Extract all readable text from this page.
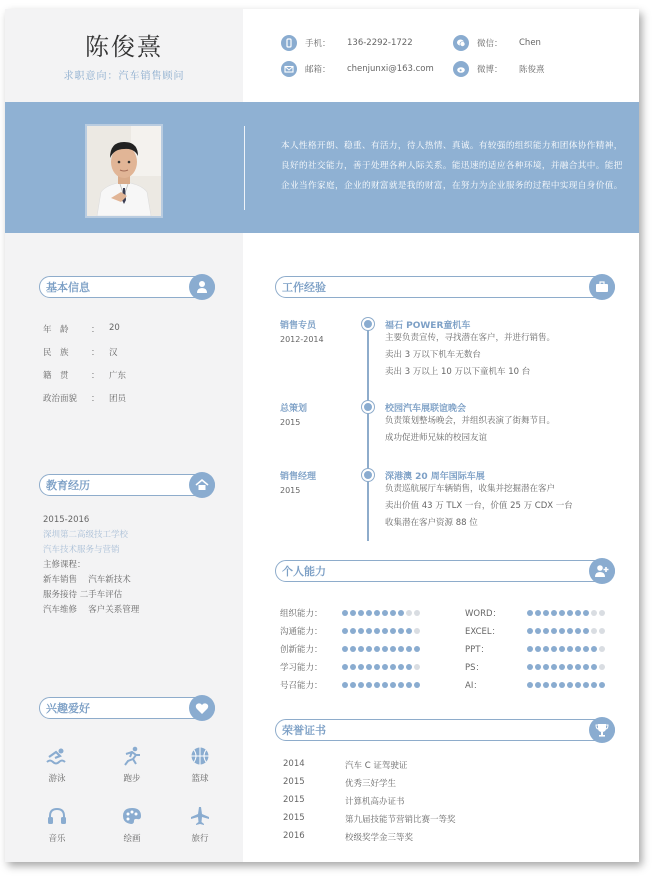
陈俊熹
求职意向：汽车销售顾问
手机：	136-2292-1722	微信：	Chen
邮箱：	chenjunxi@163.com	微博：	陈俊熹
本人性格开朗、稳重、有活力，待人热情、真诚。有较强的组织能力和团体协作精神，良好的社交能力，善于处理各种人际关系。能迅速的适应各种环境，并融合其中。能把企业当作家庭，企业的财富就是我的财富，在努力为企业服务的过程中实现自身价值。
基本信息
年　龄	：	20
民　族	：	汉
籍　贯	：	广东
政治面貌	：	团员
教育经历
2015-2016
深圳第二高级技工学校
汽车技术服务与营销
主修课程：
新车销售　 汽车新技术
服务接待 二手车评估
汽车维修　 客户关系管理
兴趣爱好
游泳	跑步	篮球
音乐	绘画	旅行
工作经验
销售专员
2012-2014
福石 POWER童机车
主要负责宣传，寻找潜在客户，并进行销售。
卖出 3 万以下机车无数台
卖出 3 万以上 10 万以下童机车 10 台
总策划
2015
校园汽车展联谊晚会
负责策划整场晚会，并组织表演了街舞节目。
成功促进师兄妹的校园友谊
销售经理
2015
深港澳 20 周年国际车展
负责巡航展厅车辆销售，收集并挖掘潜在客户
卖出价值 43 万 TLX 一台，价值 25 万 CDX 一台
收集潜在客户资源 88 位
个人能力
荣誉证书
2014	汽车 C 证驾驶证
2015	优秀三好学生
2015	计算机高办证书
2015	第九届技能节营销比赛一等奖
2016	校级奖学金三等奖
组织能力：
沟通能力：
创新能力：
学习能力：
号召能力：
WORD：
EXCEL：
PPT：
PS：
AI：
